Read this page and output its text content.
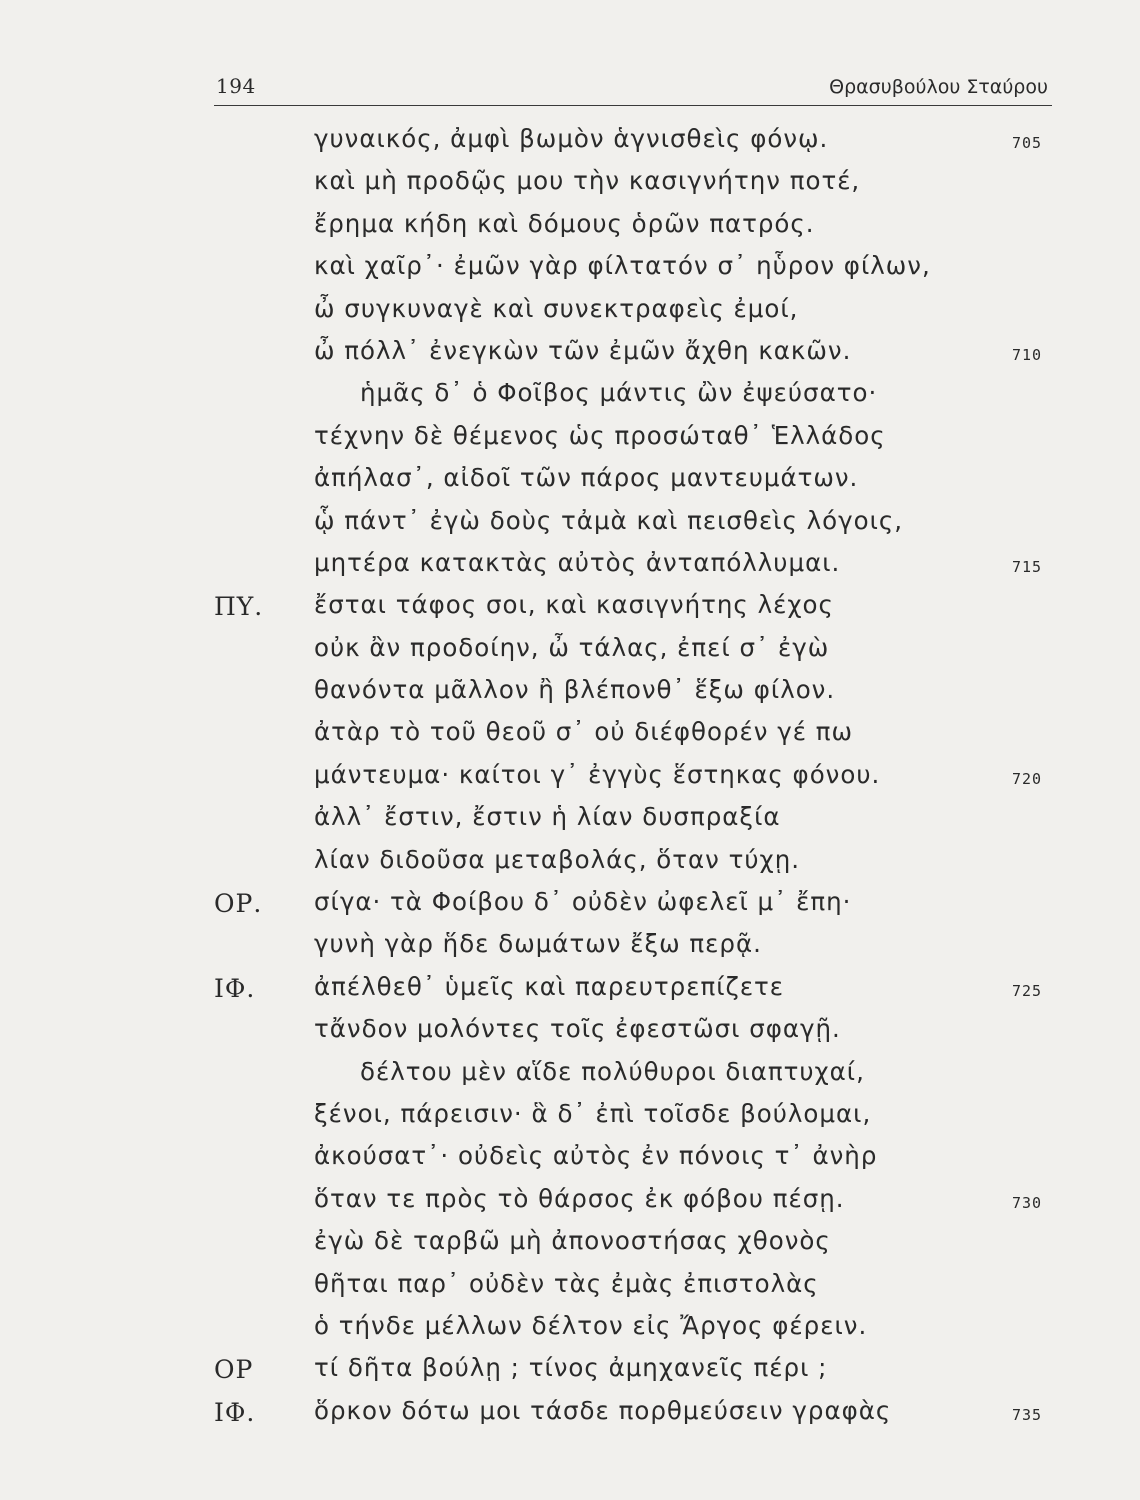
194	Θρασυβούλου Σταύρου
γυναικός, ἀμφὶ βωμὸν ἁγνισθεὶς φόνῳ.	705
καὶ μὴ προδῷς μου τὴν κασιγνήτην ποτέ,
ἔρημα κήδη καὶ δόμους ὁρῶν πατρός.
καὶ χαῖρ᾽· ἐμῶν γὰρ φίλτατόν σ᾽ ηὗρον φίλων,
ὦ συγκυναγὲ καὶ συνεκτραφεὶς ἐμοί,
ὦ πόλλ᾽ ἐνεγκὼν τῶν ἐμῶν ἄχθη κακῶν.	710
ἡμᾶς δ᾽ ὁ Φοῖβος μάντις ὢν ἐψεύσατο·
τέχνην δὲ θέμενος ὡς προσώταθ᾽ Ἑλλάδος
ἀπήλασ᾽, αἰδοῖ τῶν πάρος μαντευμάτων.
ᾧ πάντ᾽ ἐγὼ δοὺς τἀμὰ καὶ πεισθεὶς λόγοις,
μητέρα κατακτὰς αὐτὸς ἀνταπόλλυμαι.	715
ΠΥ. ἔσται τάφος σοι, καὶ κασιγνήτης λέχος
οὐκ ἂν προδοίην, ὦ τάλας, ἐπεί σ᾽ ἐγὼ
θανόντα μᾶλλον ἢ βλέπονθ᾽ ἕξω φίλον.
ἀτὰρ τὸ τοῦ θεοῦ σ᾽ οὐ διέφθορέν γέ πω
μάντευμα· καίτοι γ᾽ ἐγγὺς ἕστηκας φόνου.	720
ἀλλ᾽ ἔστιν, ἔστιν ἡ λίαν δυσπραξία
λίαν διδοῦσα μεταβολάς, ὅταν τύχῃ.
ΟΡ. σίγα· τὰ Φοίβου δ᾽ οὐδὲν ὠφελεῖ μ᾽ ἔπη·
γυνὴ γὰρ ἥδε δωμάτων ἔξω περᾷ.
ΙΦ. ἀπέλθεθ᾽ ὑμεῖς καὶ παρευτρεπίζετε	725
τἄνδον μολόντες τοῖς ἐφεστῶσι σφαγῇ.
δέλτου μὲν αἵδε πολύθυροι διαπτυχαί,
ξένοι, πάρεισιν· ἃ δ᾽ ἐπὶ τοῖσδε βούλομαι,
ἀκούσατ᾽· οὐδεὶς αὐτὸς ἐν πόνοις τ᾽ ἀνὴρ
ὅταν τε πρὸς τὸ θάρσος ἐκ φόβου πέσῃ.	730
ἐγὼ δὲ ταρβῶ μὴ ἀπονοστήσας χθονὸς
θῆται παρ᾽ οὐδὲν τὰς ἐμὰς ἐπιστολὰς
ὁ τήνδε μέλλων δέλτον εἰς Ἄργος φέρειν.
ΟΡ τί δῆτα βούλῃ ; τίνος ἀμηχανεῖς πέρι ;
ΙΦ. ὅρκον δότω μοι τάσδε πορθμεύσειν γραφὰς	735
